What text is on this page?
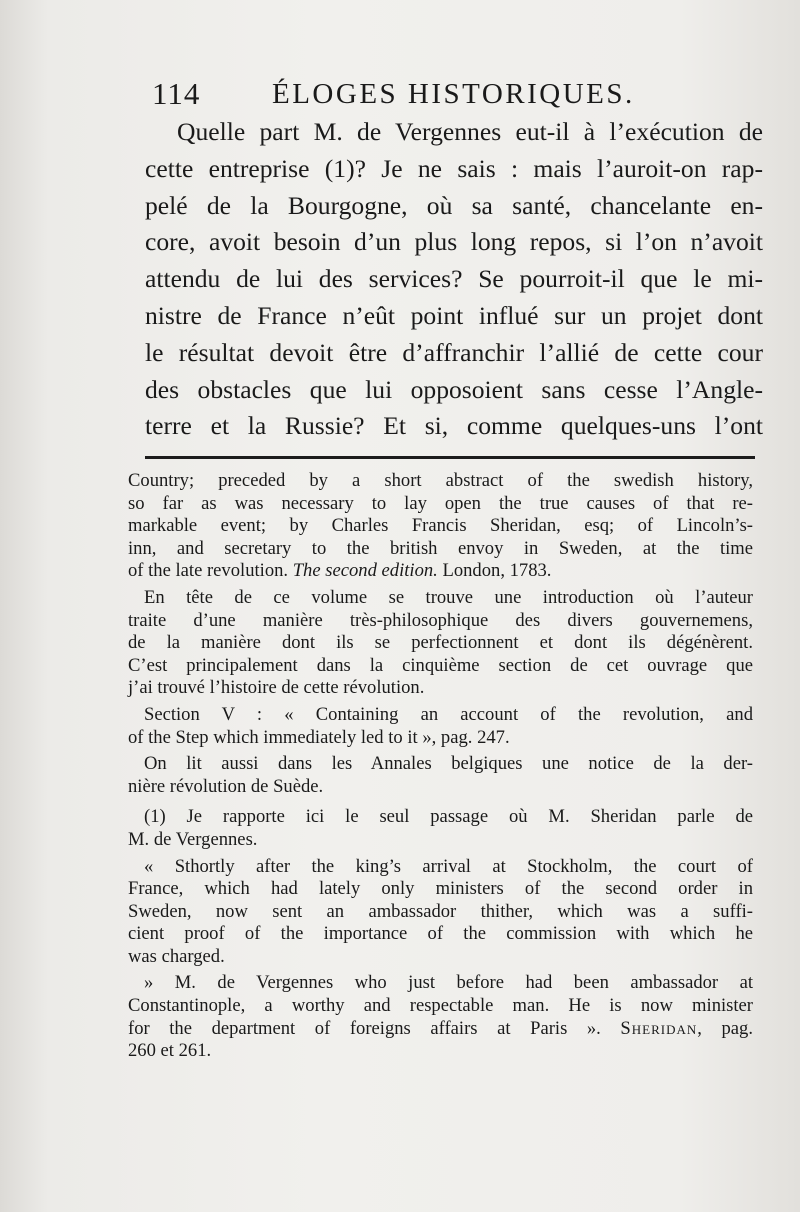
114 ÉLOGES HISTORIQUES.
Quelle part M. de Vergennes eut-il à l’exécution de
cette entreprise (1)? Je ne sais : mais l’auroit-on rap-
pelé de la Bourgogne, où sa santé, chancelante en-
core, avoit besoin d’un plus long repos, si l’on n’avoit
attendu de lui des services? Se pourroit-il que le mi-
nistre de France n’eût point influé sur un projet dont
le résultat devoit être d’affranchir l’allié de cette cour
des obstacles que lui opposoient sans cesse l’Angle-
terre et la Russie? Et si, comme quelques-uns l’ont
Country; preceded by a short abstract of the swedish history,
so far as was necessary to lay open the true causes of that re-
markable event; by Charles Francis Sheridan, esq; of Lincoln’s-
inn, and secretary to the british envoy in Sweden, at the time
of the late revolution. The second edition. London, 1783.
En tête de ce volume se trouve une introduction où l’auteur
traite d’une manière très-philosophique des divers gouvernemens,
de la manière dont ils se perfectionnent et dont ils dégénèrent.
C’est principalement dans la cinquième section de cet ouvrage que
j’ai trouvé l’histoire de cette révolution.
Section V : « Containing an account of the revolution, and
of the Step which immediately led to it », pag. 247.
On lit aussi dans les Annales belgiques une notice de la der-
nière révolution de Suède.
(1) Je rapporte ici le seul passage où M. Sheridan parle de
M. de Vergennes.
« Sthortly after the king’s arrival at Stockholm, the court of
France, which had lately only ministers of the second order in
Sweden, now sent an ambassador thither, which was a suffi-
cient proof of the importance of the commission with which he
was charged.
» M. de Vergennes who just before had been ambassador at
Constantinople, a worthy and respectable man. He is now minister
for the department of foreigns affairs at Paris ». Sheridan, pag.
260 et 261.
